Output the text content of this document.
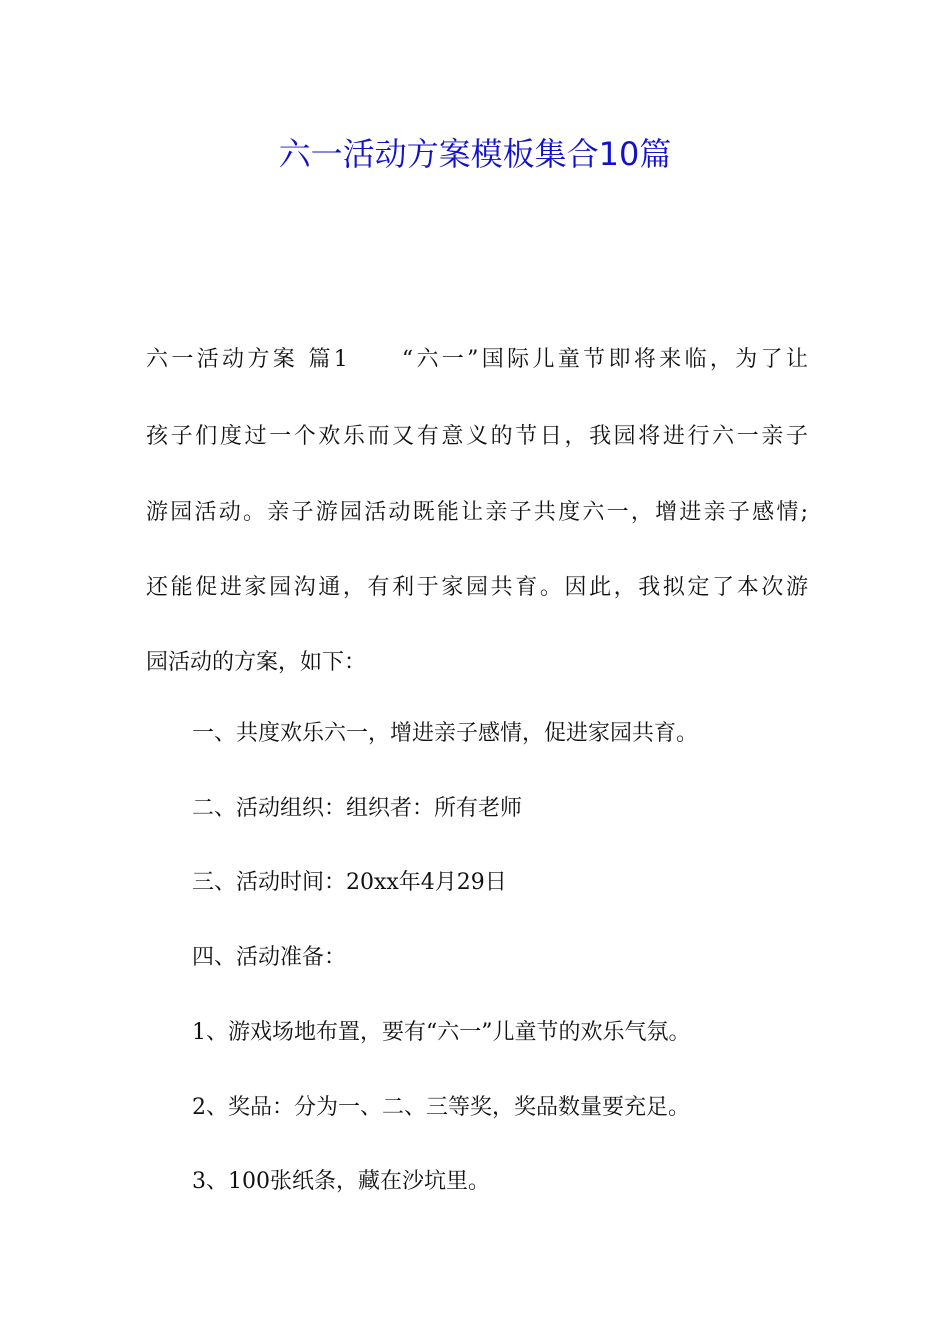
六一活动方案模板集合10篇
六一活动方案 篇1　　“六一”国际儿童节即将来临，为了让
孩子们度过一个欢乐而又有意义的节日，我园将进行六一亲子
游园活动。亲子游园活动既能让亲子共度六一，增进亲子感情;
还能促进家园沟通，有利于家园共育。因此，我拟定了本次游
园活动的方案，如下：
一、共度欢乐六一，增进亲子感情，促进家园共育。
二、活动组织：组织者：所有老师
三、活动时间：20xx年4月29日
四、活动准备：
1、游戏场地布置，要有“六一”儿童节的欢乐气氛。
2、奖品：分为一、二、三等奖，奖品数量要充足。
3、100张纸条，藏在沙坑里。
